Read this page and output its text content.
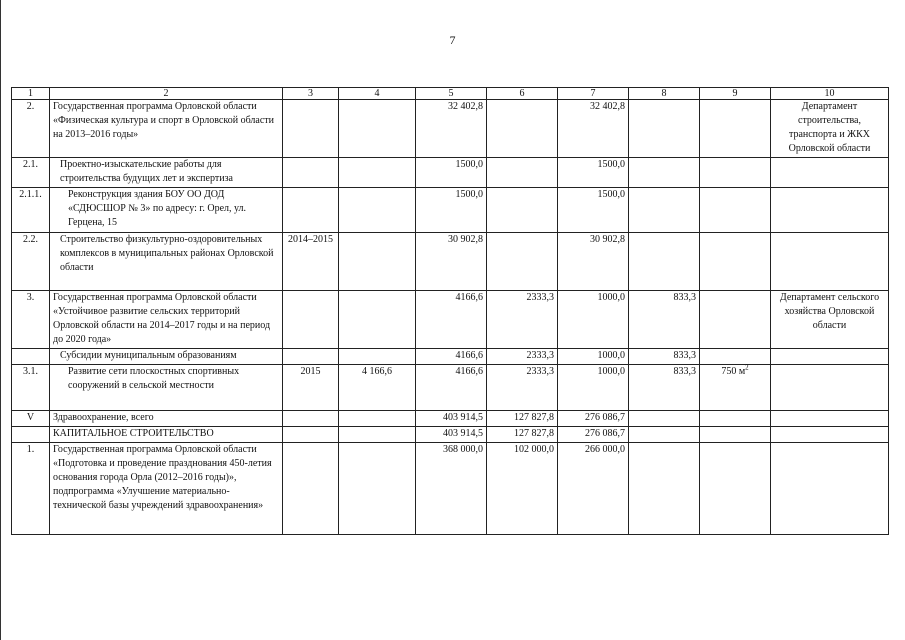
7
1	2	3	4	5	6	7	8	9	10
2.	Государственная программа Орловской области «Физическая культура и спорт в Орловской области на 2013–2016 годы»			32 402,8		32 402,8			Департамент строительства, транспорта и ЖКХ Орловской области
2.1.	Проектно-изыскательские работы для строительства будущих лет и экспертиза			1500,0		1500,0			
2.1.1.	Реконструкция здания БОУ ОО ДОД «СДЮСШОР № 3» по адресу: г. Орел, ул. Герцена, 15			1500,0		1500,0			
2.2.	Строительство физкультурно-оздоровительных комплексов в муниципальных районах Орловской области	2014–2015		30 902,8		30 902,8			
3.	Государственная программа Орловской области «Устойчивое развитие сельских территорий Орловской области на 2014–2017 годы и на период до 2020 года»			4166,6	2333,3	1000,0	833,3		Департамент сельского хозяйства Орловской области
	Субсидии муниципальным образованиям			4166,6	2333,3	1000,0	833,3		
3.1.	Развитие сети плоскостных спортивных сооружений в сельской местности	2015	4 166,6	4166,6	2333,3	1000,0	833,3	750 $м^2$	
V	Здравоохранение, всего			403 914,5	127 827,8	276 086,7			
	КАПИТАЛЬНОЕ СТРОИТЕЛЬСТВО			403 914,5	127 827,8	276 086,7			
1.	Государственная программа Орловской области «Подготовка и проведение празднования 450-летия основания города Орла (2012–2016 годы)», подпрограмма «Улучшение материально-технической базы учреждений здравоохранения»			368 000,0	102 000,0	266 000,0			
